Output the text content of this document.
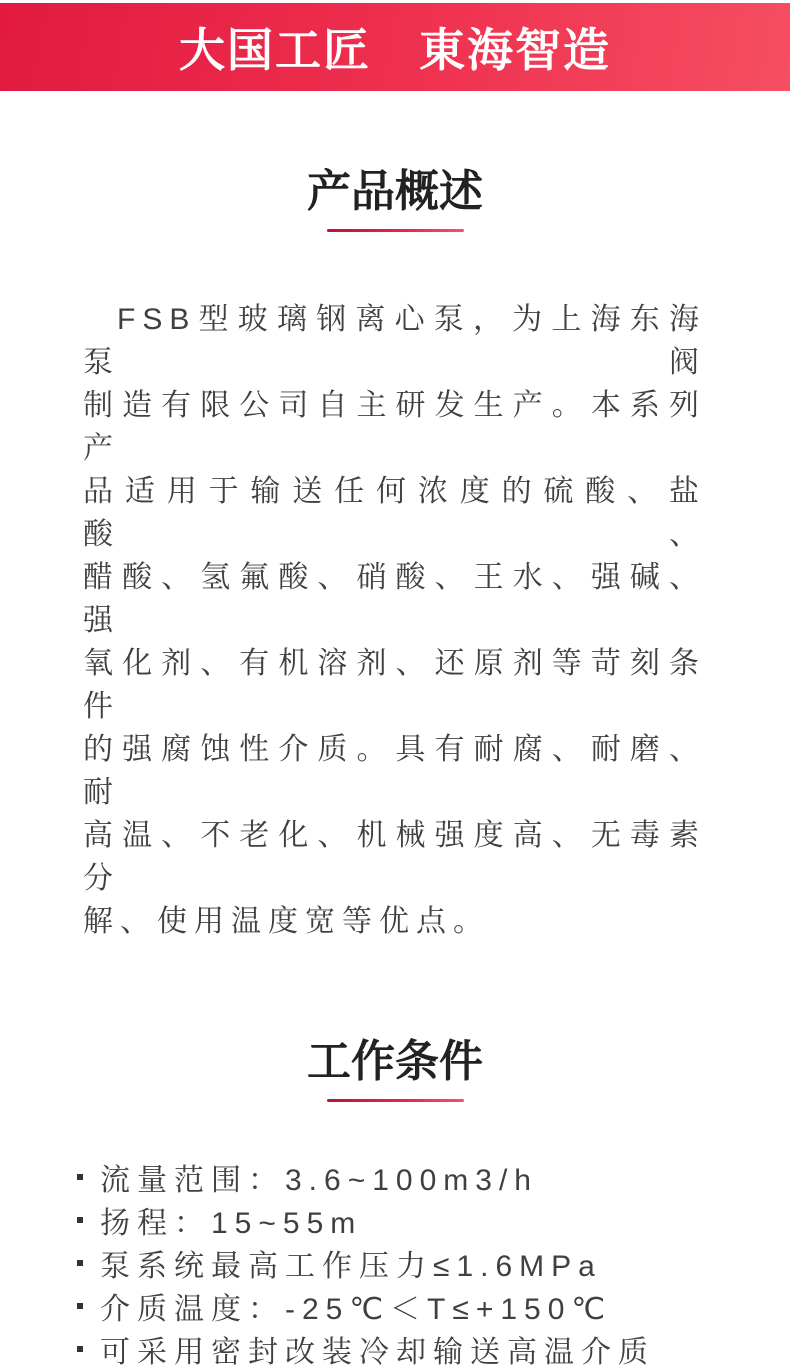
大国工匠　東海智造
产品概述
FSB型玻璃钢离心泵，为上海东海泵阀
制造有限公司自主研发生产。本系列产
品适用于输送任何浓度的硫酸、盐酸、
醋酸、氢氟酸、硝酸、王水、强碱、强
氧化剂、有机溶剂、还原剂等苛刻条件
的强腐蚀性介质。具有耐腐、耐磨、耐
高温、不老化、机械强度高、无毒素分
解、使用温度宽等优点。
工作条件
流量范围：3.6~100m3/h
扬程：15~55m
泵系统最高工作压力≤1.6MPa
介质温度：-25℃＜T≤+150℃
可采用密封改装冷却输送高温介质
